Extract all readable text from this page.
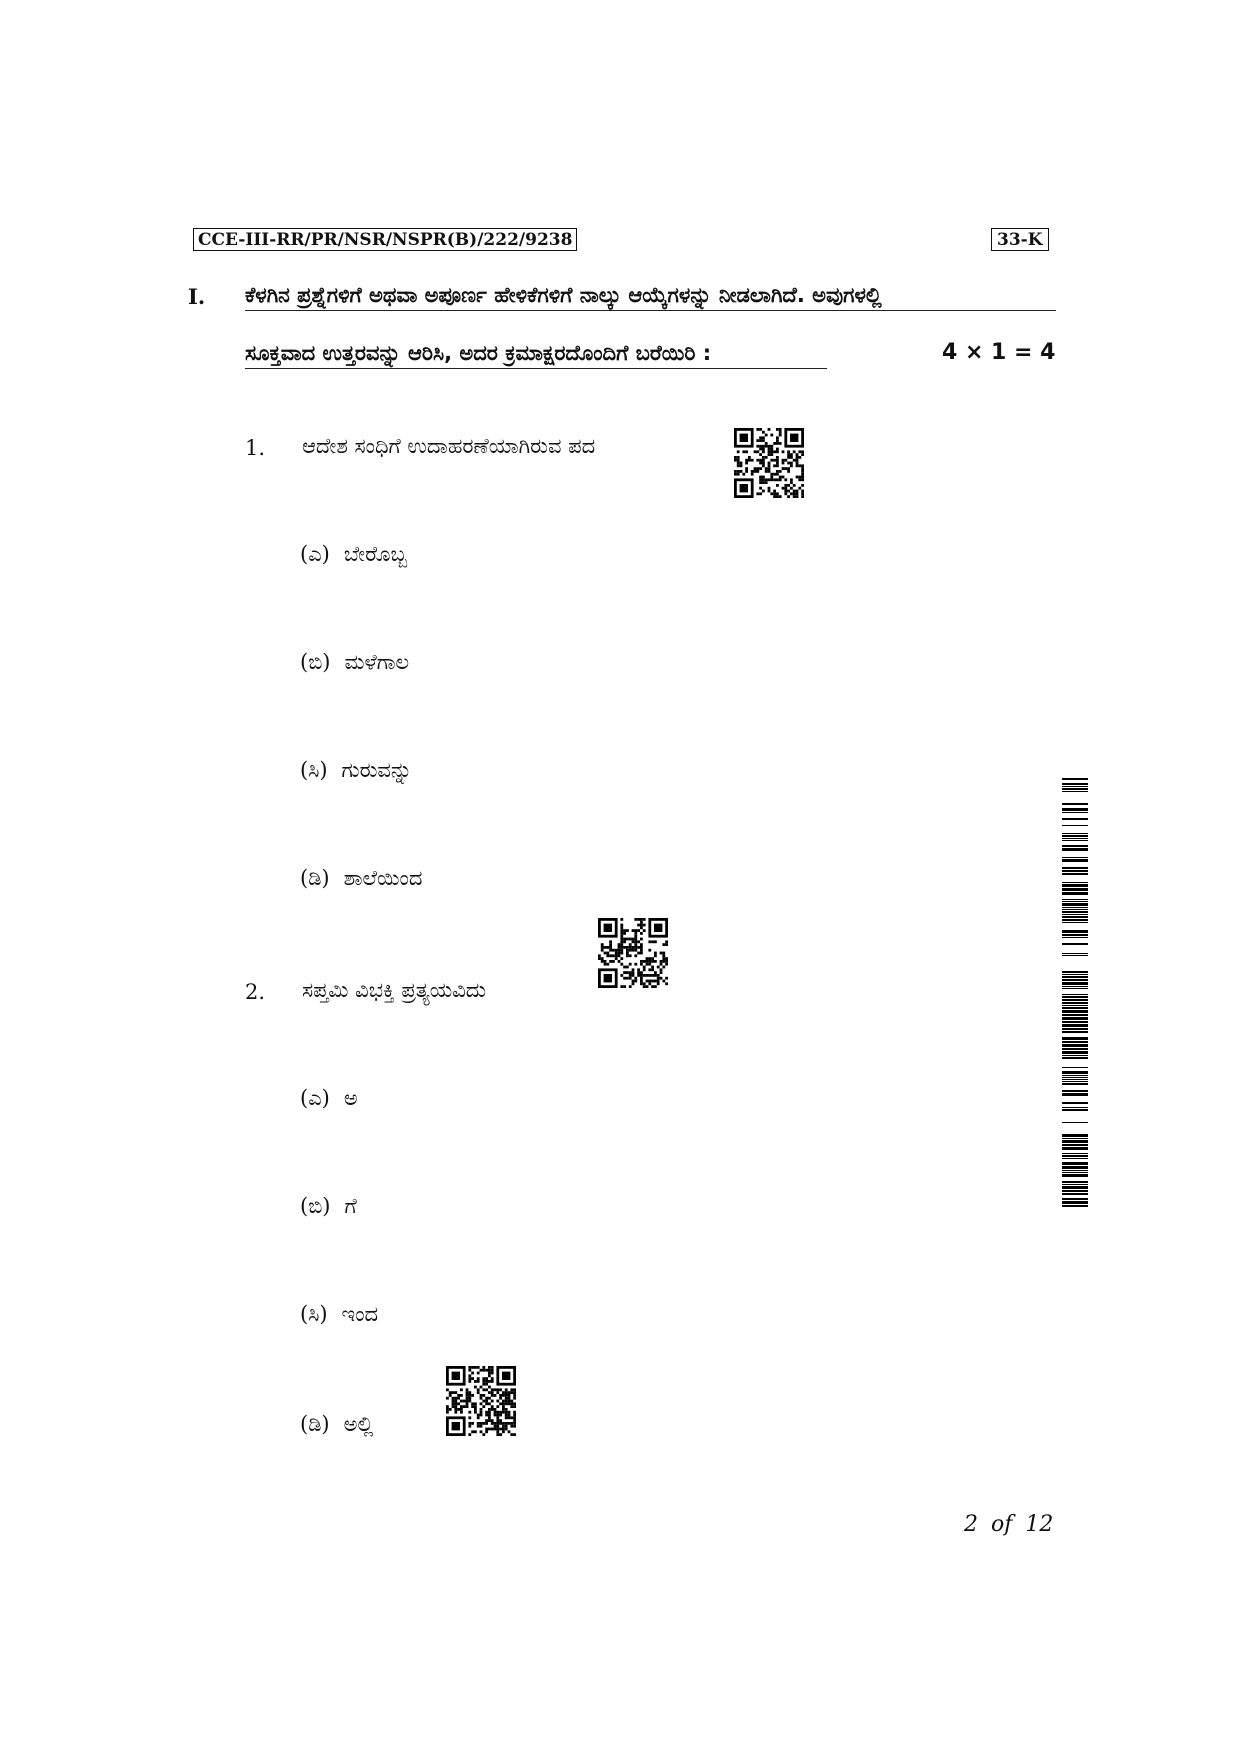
CCE-III-RR/PR/NSR/NSPR(B)/222/9238	33-K
I. ಕೆಳಗಿನ ಪ್ರಶ್ನೆಗಳಿಗೆ ಅಥವಾ ಅಪೂರ್ಣ ಹೇಳಿಕೆಗಳಿಗೆ ನಾಲ್ಕು ಆಯ್ಕೆಗಳನ್ನು ನೀಡಲಾಗಿದೆ. ಅವುಗಳಲ್ಲಿ
ಸೂಕ್ತವಾದ ಉತ್ತರವನ್ನು ಆರಿಸಿ, ಅದರ ಕ್ರಮಾಕ್ಷರದೊಂದಿಗೆ ಬರೆಯಿರಿ :	4 × 1 = 4
1. ಆದೇಶ ಸಂಧಿಗೆ ಉದಾಹರಣೆಯಾಗಿರುವ ಪದ
(ಎ) ಬೇರೊಬ್ಬ
(ಬಿ) ಮಳೆಗಾಲ
(ಸಿ) ಗುರುವನ್ನು
(ಡಿ) ಶಾಲೆಯಿಂದ
2. ಸಪ್ತಮಿ ವಿಭಕ್ತಿ ಪ್ರತ್ಯಯವಿದು
(ಎ) ಅ
(ಬಿ) ಗೆ
(ಸಿ) ಇಂದ
(ಡಿ) ಅಲ್ಲಿ
2 of 12
